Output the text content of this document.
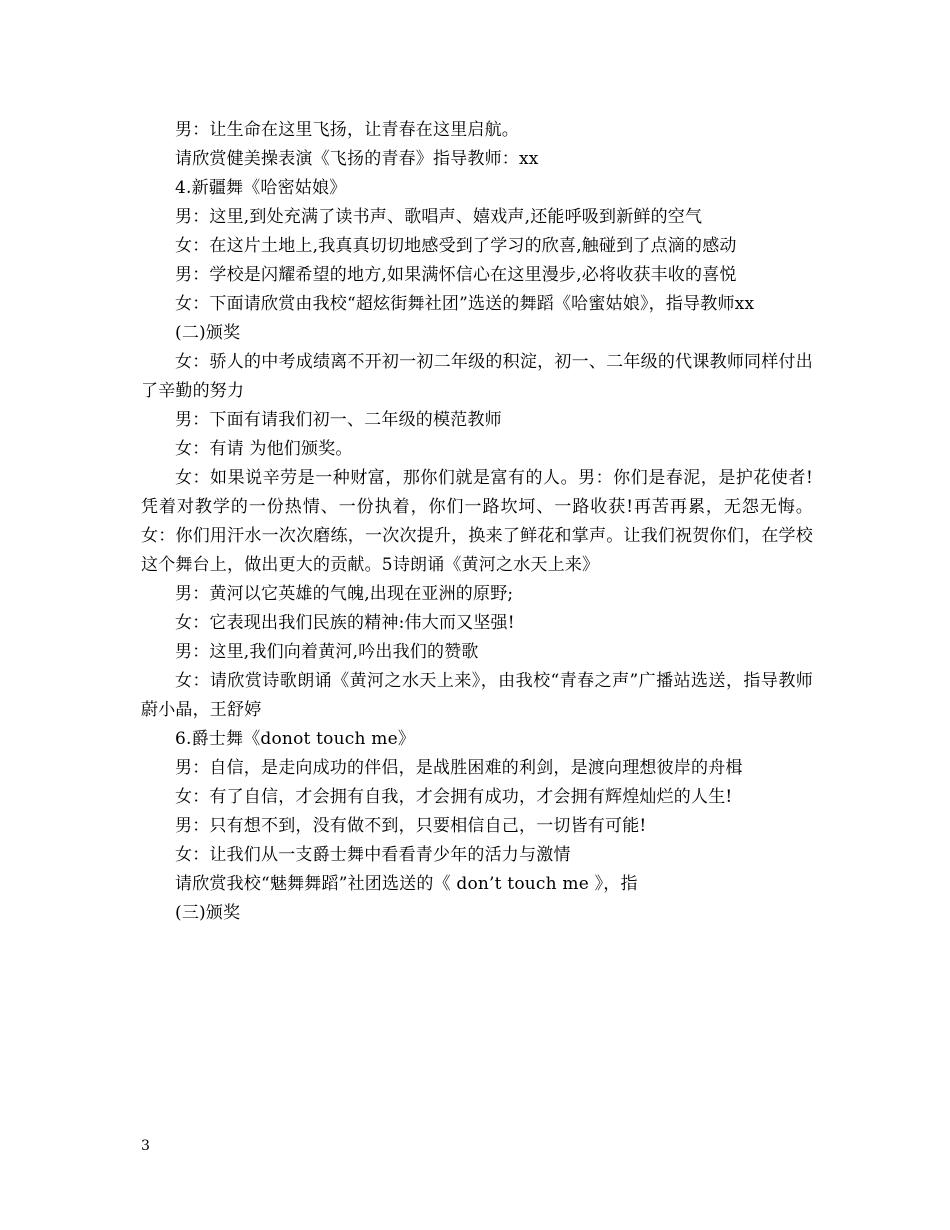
男：让生命在这里飞扬，让青春在这里启航。

请欣赏健美操表演《飞扬的青春》指导教师：xx

4.新疆舞《哈密姑娘》

男：这里,到处充满了读书声、歌唱声、嬉戏声,还能呼吸到新鲜的空气

女：在这片土地上,我真真切切地感受到了学习的欣喜,触碰到了点滴的感动

男：学校是闪耀希望的地方,如果满怀信心在这里漫步,必将收获丰收的喜悦

女：下面请欣赏由我校“超炫街舞社团”选送的舞蹈《哈蜜姑娘》，指导教师xx

(二)颁奖

女：骄人的中考成绩离不开初一初二年级的积淀，初一、二年级的代课教师同样付出了辛勤的努力

男：下面有请我们初一、二年级的模范教师

女：有请 为他们颁奖。

女：如果说辛劳是一种财富，那你们就是富有的人。男：你们是春泥，是护花使者!凭着对教学的一份热情、一份执着，你们一路坎坷、一路收获!再苦再累，无怨无悔。女：你们用汗水一次次磨练，一次次提升，换来了鲜花和掌声。让我们祝贺你们，在学校这个舞台上，做出更大的贡献。5诗朗诵《黄河之水天上来》

男：黄河以它英雄的气魄,出现在亚洲的原野;

女：它表现出我们民族的精神:伟大而又坚强!

男：这里,我们向着黄河,吟出我们的赞歌

女：请欣赏诗歌朗诵《黄河之水天上来》，由我校“青春之声”广播站选送，指导教师蔚小晶，王舒婷

6.爵士舞《donot touch me》

男：自信，是走向成功的伴侣，是战胜困难的利剑，是渡向理想彼岸的舟楫

女：有了自信，才会拥有自我，才会拥有成功，才会拥有辉煌灿烂的人生!

男：只有想不到，没有做不到，只要相信自己，一切皆有可能!

女：让我们从一支爵士舞中看看青少年的活力与激情

请欣赏我校“魅舞舞蹈”社团选送的《 don’t touch me 》，指

(三)颁奖

3
